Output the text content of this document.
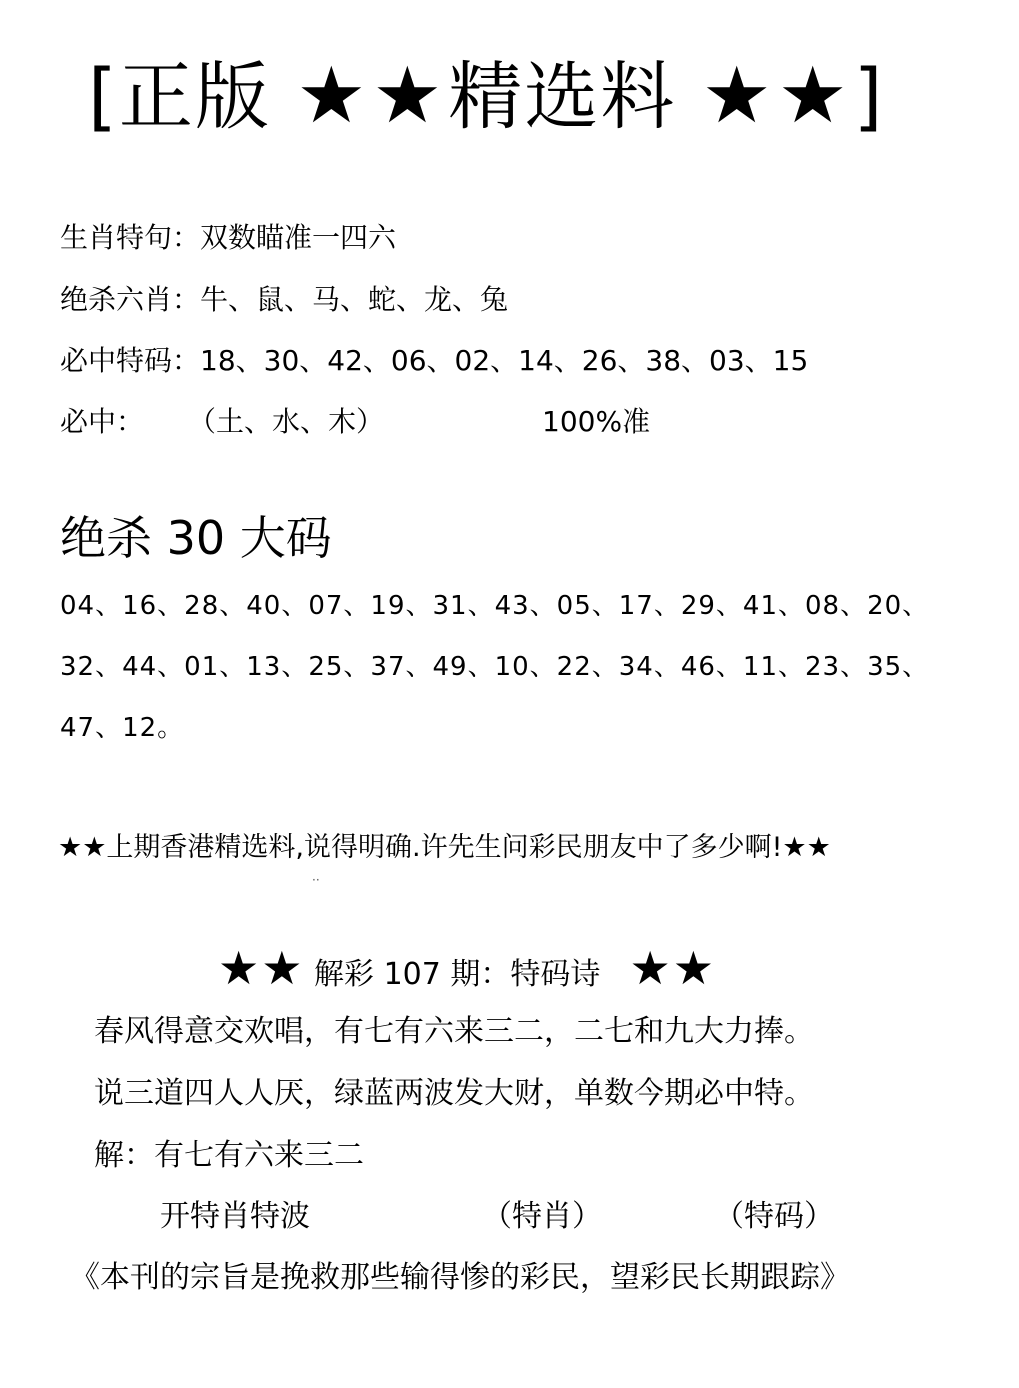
[正版 ★★精选料 ★★]
生肖特句：双数瞄准一四六
绝杀六肖：牛、鼠、马、蛇、龙、兔
必中特码：18、30、42、06、02、14、26、38、03、15
必中： （土、水、木）	100%准
绝杀 30 大码
04、16、28、40、07、19、31、43、05、17、29、41、08、20、
32、44、01、13、25、37、49、10、22、34、46、11、23、35、
47、12。
★★上期香港精选料,说得明确.许先生问彩民朋友中了多少啊!★★
··
★★ 解彩 107 期：特码诗 ★★
春风得意交欢唱，有七有六来三二，二七和九大力捧。
说三道四人人厌，绿蓝两波发大财，单数今期必中特。
解：有七有六来三二
开特肖特波	（特肖）	（特码）
《本刊的宗旨是挽救那些输得惨的彩民，望彩民长期跟踪》
